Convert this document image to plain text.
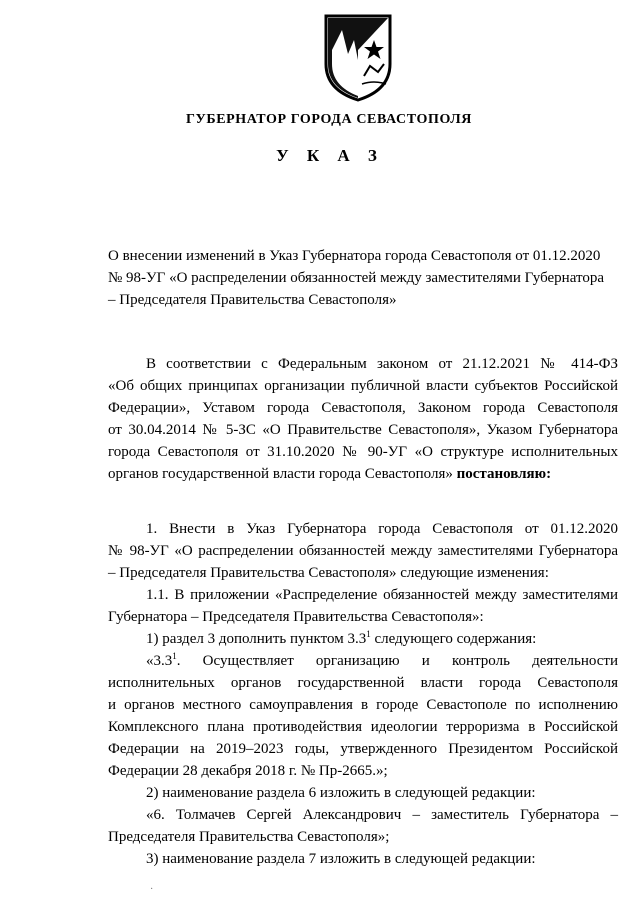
ГУБЕРНАТОР ГОРОДА СЕВАСТОПОЛЯ
У К А З
О внесении изменений в Указ Губернатора города Севастополя от 01.12.2020
№ 98-УГ «О распределении обязанностей между заместителями Губернатора
– Председателя Правительства Севастополя»
В соответствии с Федеральным законом от 21.12.2021 № 414-ФЗ
«Об общих принципах организации публичной власти субъектов Российской
Федерации», Уставом города Севастополя, Законом города Севастополя
от 30.04.2014 № 5-ЗС «О Правительстве Севастополя», Указом Губернатора
города Севастополя от 31.10.2020 № 90-УГ «О структуре исполнительных
органов государственной власти города Севастополя» постановляю:
1. Внести в Указ Губернатора города Севастополя от 01.12.2020
№ 98-УГ «О распределении обязанностей между заместителями Губернатора
– Председателя Правительства Севастополя» следующие изменения:
1.1. В приложении «Распределение обязанностей между заместителями
Губернатора – Председателя Правительства Севастополя»:
1) раздел 3 дополнить пунктом $3.3^1$ следующего содержания:
«$3.3^1$. Осуществляет организацию и контроль деятельности
исполнительных органов государственной власти города Севастополя
и органов местного самоуправления в городе Севастополе по исполнению
Комплексного плана противодействия идеологии терроризма в Российской
Федерации на 2019–2023 годы, утвержденного Президентом Российской
Федерации 28 декабря 2018 г. № Пр-2665.»;
2) наименование раздела 6 изложить в следующей редакции:
«6. Толмачев Сергей Александрович – заместитель Губернатора –
Председателя Правительства Севастополя»;
3) наименование раздела 7 изложить в следующей редакции:
·
